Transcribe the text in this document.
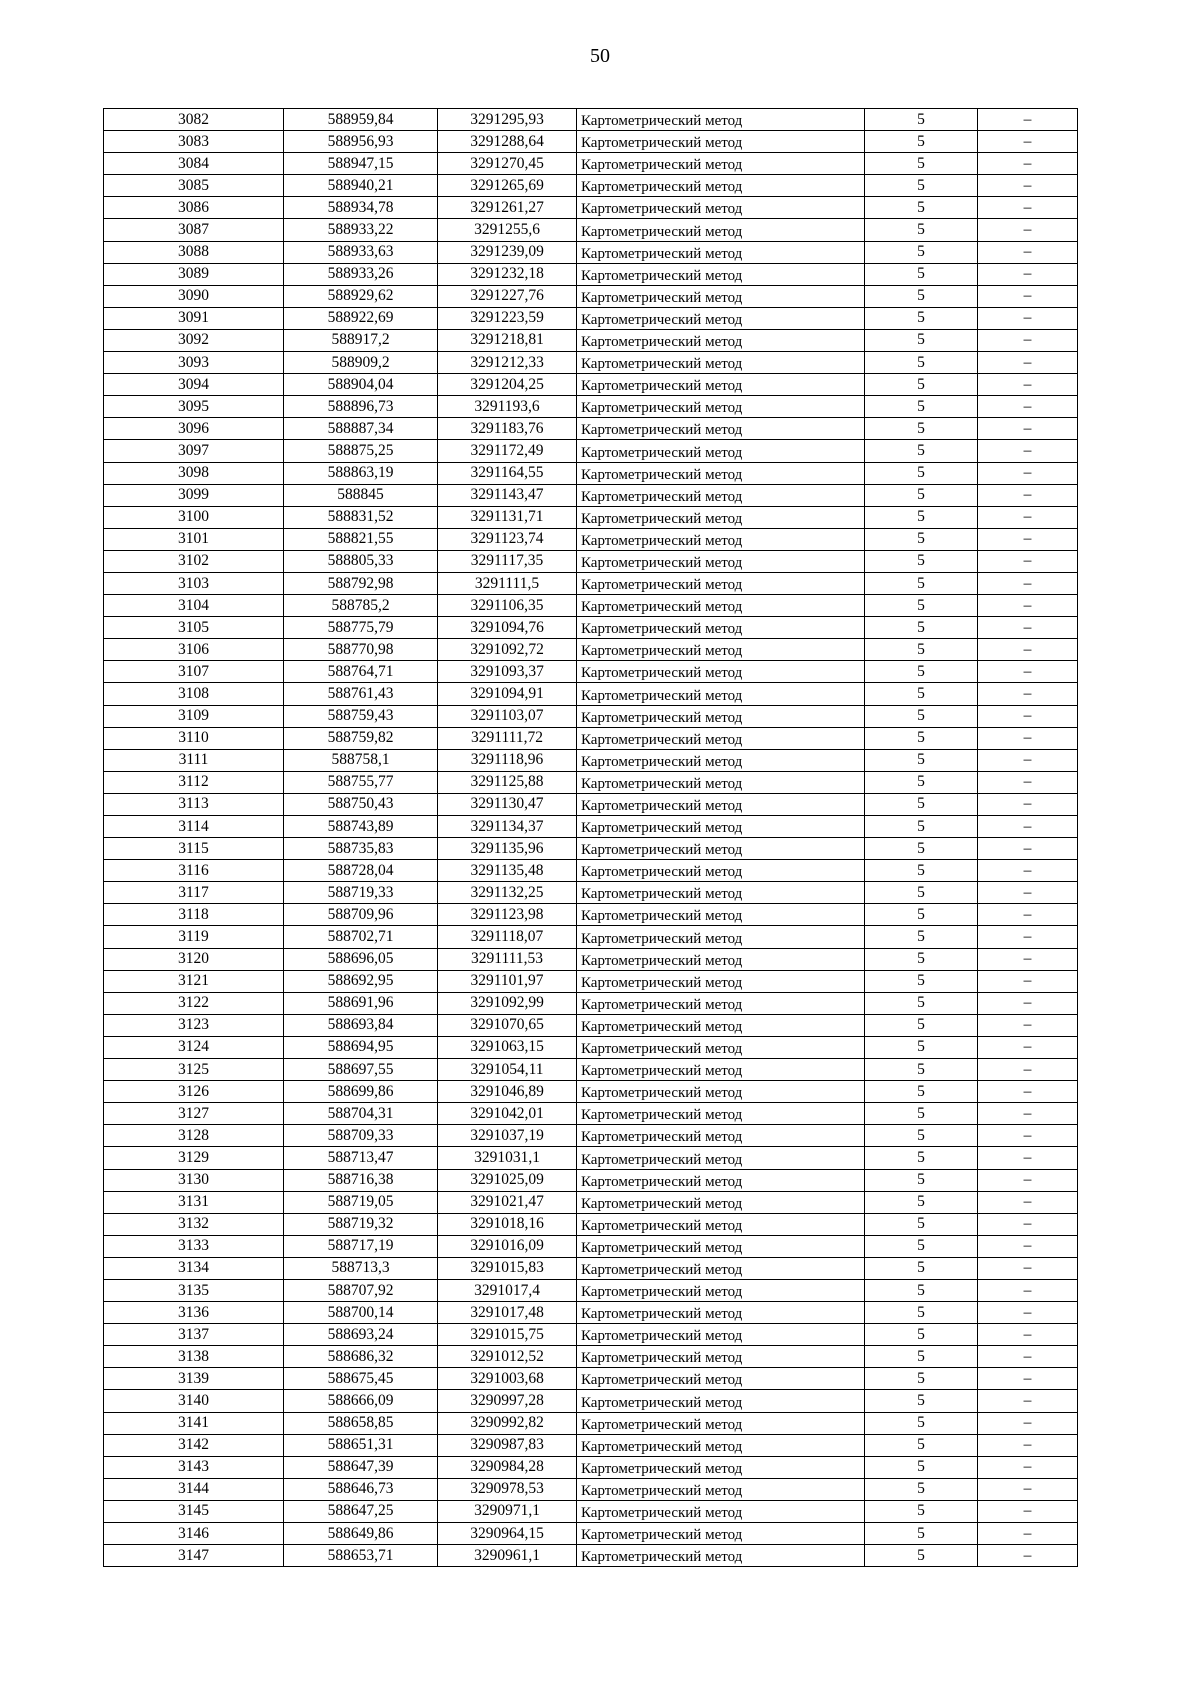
50
3082	588959,84	3291295,93	Картометрический метод	5	–
3083	588956,93	3291288,64	Картометрический метод	5	–
3084	588947,15	3291270,45	Картометрический метод	5	–
3085	588940,21	3291265,69	Картометрический метод	5	–
3086	588934,78	3291261,27	Картометрический метод	5	–
3087	588933,22	3291255,6	Картометрический метод	5	–
3088	588933,63	3291239,09	Картометрический метод	5	–
3089	588933,26	3291232,18	Картометрический метод	5	–
3090	588929,62	3291227,76	Картометрический метод	5	–
3091	588922,69	3291223,59	Картометрический метод	5	–
3092	588917,2	3291218,81	Картометрический метод	5	–
3093	588909,2	3291212,33	Картометрический метод	5	–
3094	588904,04	3291204,25	Картометрический метод	5	–
3095	588896,73	3291193,6	Картометрический метод	5	–
3096	588887,34	3291183,76	Картометрический метод	5	–
3097	588875,25	3291172,49	Картометрический метод	5	–
3098	588863,19	3291164,55	Картометрический метод	5	–
3099	588845	3291143,47	Картометрический метод	5	–
3100	588831,52	3291131,71	Картометрический метод	5	–
3101	588821,55	3291123,74	Картометрический метод	5	–
3102	588805,33	3291117,35	Картометрический метод	5	–
3103	588792,98	3291111,5	Картометрический метод	5	–
3104	588785,2	3291106,35	Картометрический метод	5	–
3105	588775,79	3291094,76	Картометрический метод	5	–
3106	588770,98	3291092,72	Картометрический метод	5	–
3107	588764,71	3291093,37	Картометрический метод	5	–
3108	588761,43	3291094,91	Картометрический метод	5	–
3109	588759,43	3291103,07	Картометрический метод	5	–
3110	588759,82	3291111,72	Картометрический метод	5	–
3111	588758,1	3291118,96	Картометрический метод	5	–
3112	588755,77	3291125,88	Картометрический метод	5	–
3113	588750,43	3291130,47	Картометрический метод	5	–
3114	588743,89	3291134,37	Картометрический метод	5	–
3115	588735,83	3291135,96	Картометрический метод	5	–
3116	588728,04	3291135,48	Картометрический метод	5	–
3117	588719,33	3291132,25	Картометрический метод	5	–
3118	588709,96	3291123,98	Картометрический метод	5	–
3119	588702,71	3291118,07	Картометрический метод	5	–
3120	588696,05	3291111,53	Картометрический метод	5	–
3121	588692,95	3291101,97	Картометрический метод	5	–
3122	588691,96	3291092,99	Картометрический метод	5	–
3123	588693,84	3291070,65	Картометрический метод	5	–
3124	588694,95	3291063,15	Картометрический метод	5	–
3125	588697,55	3291054,11	Картометрический метод	5	–
3126	588699,86	3291046,89	Картометрический метод	5	–
3127	588704,31	3291042,01	Картометрический метод	5	–
3128	588709,33	3291037,19	Картометрический метод	5	–
3129	588713,47	3291031,1	Картометрический метод	5	–
3130	588716,38	3291025,09	Картометрический метод	5	–
3131	588719,05	3291021,47	Картометрический метод	5	–
3132	588719,32	3291018,16	Картометрический метод	5	–
3133	588717,19	3291016,09	Картометрический метод	5	–
3134	588713,3	3291015,83	Картометрический метод	5	–
3135	588707,92	3291017,4	Картометрический метод	5	–
3136	588700,14	3291017,48	Картометрический метод	5	–
3137	588693,24	3291015,75	Картометрический метод	5	–
3138	588686,32	3291012,52	Картометрический метод	5	–
3139	588675,45	3291003,68	Картометрический метод	5	–
3140	588666,09	3290997,28	Картометрический метод	5	–
3141	588658,85	3290992,82	Картометрический метод	5	–
3142	588651,31	3290987,83	Картометрический метод	5	–
3143	588647,39	3290984,28	Картометрический метод	5	–
3144	588646,73	3290978,53	Картометрический метод	5	–
3145	588647,25	3290971,1	Картометрический метод	5	–
3146	588649,86	3290964,15	Картометрический метод	5	–
3147	588653,71	3290961,1	Картометрический метод	5	–
